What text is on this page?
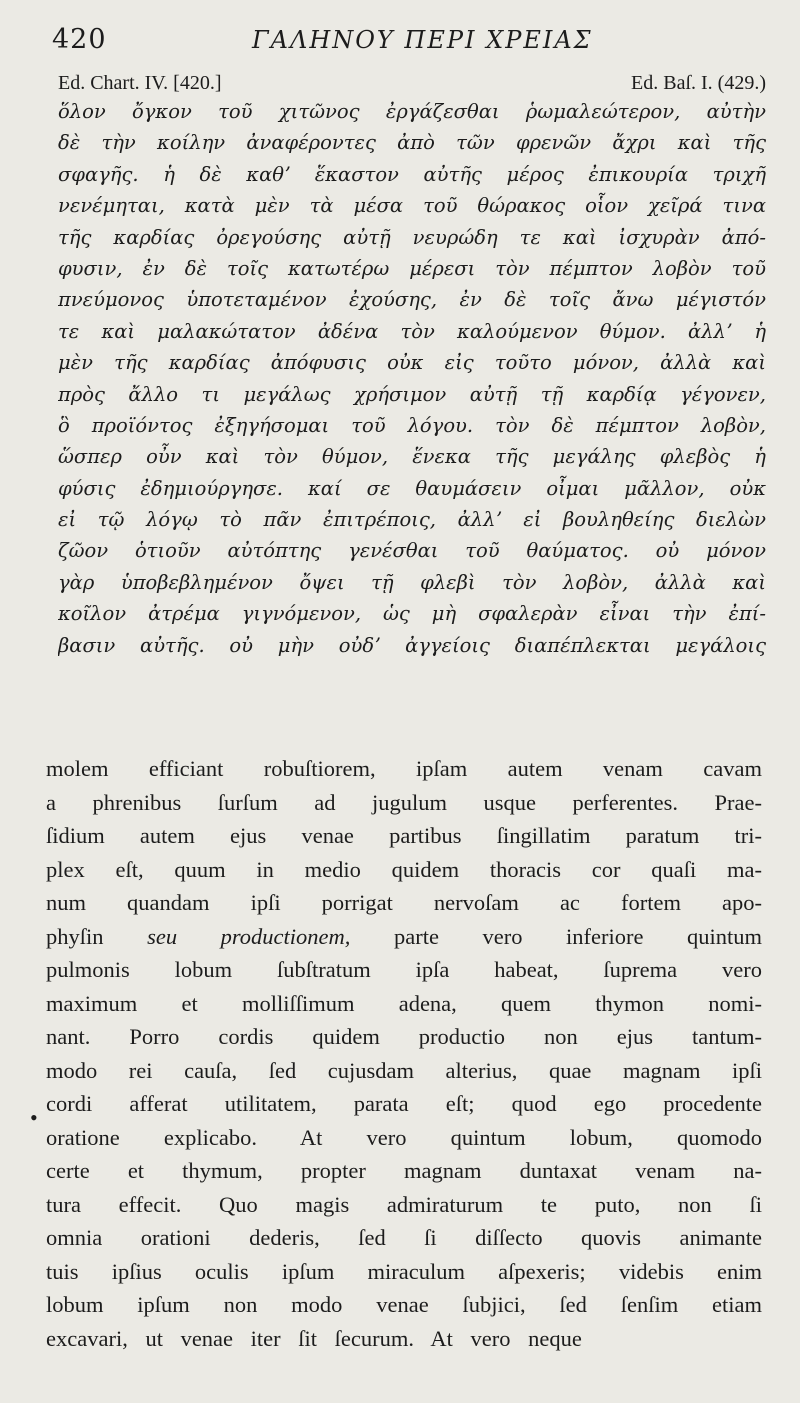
420	ΓΑΛΗΝΟΥ ΠΕΡΙ ΧΡΕΙΑΣ
Ed. Chart. IV. [420.]	Ed. Baſ. I. (429.)
ὅλον ὄγκον τοῦ χιτῶνος ἐργάζεσθαι ῥωμαλεώτερον, αὐτὴν
δὲ τὴν κοίλην ἀναφέροντες ἀπὸ τῶν φρενῶν ἄχρι καὶ τῆς
σφαγῆς. ἡ δὲ καθʼ ἕκαστον αὐτῆς μέρος ἐπικουρία τριχῆ
νενέμηται, κατὰ μὲν τὰ μέσα τοῦ θώρακος οἷον χεῖρά τινα
τῆς καρδίας ὀρεγούσης αὐτῇ νευρώδη τε καὶ ἰσχυρὰν ἀπό-
φυσιν, ἐν δὲ τοῖς κατωτέρω μέρεσι τὸν πέμπτον λοβὸν τοῦ
πνεύμονος ὑποτεταμένον ἐχούσης, ἐν δὲ τοῖς ἄνω μέγιστόν
τε καὶ μαλακώτατον ἀδένα τὸν καλούμενον θύμον. ἀλλʼ ἡ
μὲν τῆς καρδίας ἀπόφυσις οὐκ εἰς τοῦτο μόνον, ἀλλὰ καὶ
πρὸς ἄλλο τι μεγάλως χρήσιμον αὐτῇ τῇ καρδίᾳ γέγονεν,
ὃ προϊόντος ἐξηγήσομαι τοῦ λόγου. τὸν δὲ πέμπτον λοβὸν,
ὥσπερ οὖν καὶ τὸν θύμον, ἕνεκα τῆς μεγάλης φλεβὸς ἡ
φύσις ἐδημιούργησε. καί σε θαυμάσειν οἶμαι μᾶλλον, οὐκ
εἰ τῷ λόγῳ τὸ πᾶν ἐπιτρέποις, ἀλλʼ εἰ βουληθείης διελὼν
ζῶον ὁτιοῦν αὐτόπτης γενέσθαι τοῦ θαύματος. οὐ μόνον
γὰρ ὑποβεβλημένον ὄψει τῇ φλεβὶ τὸν λοβὸν, ἀλλὰ καὶ
κοῖλον ἀτρέμα γιγνόμενον, ὡς μὴ σφαλερὰν εἶναι τὴν ἐπί-
βασιν αὐτῆς. οὐ μὴν οὐδʼ ἀγγείοις διαπέπλεκται μεγάλοις
•
molem efficiant robuſtiorem, ipſam autem venam cavam
a phrenibus ſurſum ad jugulum usque perferentes. Prae-
ſidium autem ejus venae partibus ſingillatim paratum tri-
plex eſt, quum in medio quidem thoracis cor quaſi ma-
num quandam ipſi porrigat nervoſam ac fortem apo-
phyſin seu productionem, parte vero inferiore quintum
pulmonis lobum ſubſtratum ipſa habeat, ſuprema vero
maximum et molliſſimum adena, quem thymon nomi-
nant. Porro cordis quidem productio non ejus tantum-
modo rei cauſa, ſed cujusdam alterius, quae magnam ipſi
cordi afferat utilitatem, parata eſt; quod ego procedente
oratione explicabo. At vero quintum lobum, quomodo
certe et thymum, propter magnam duntaxat venam na-
tura effecit. Quo magis admiraturum te puto, non ſi
omnia orationi dederis, ſed ſi diſſecto quovis animante
tuis ipſius oculis ipſum miraculum aſpexeris; videbis enim
lobum ipſum non modo venae ſubjici, ſed ſenſim etiam
excavari, ut venae iter ſit ſecurum. At vero neque
